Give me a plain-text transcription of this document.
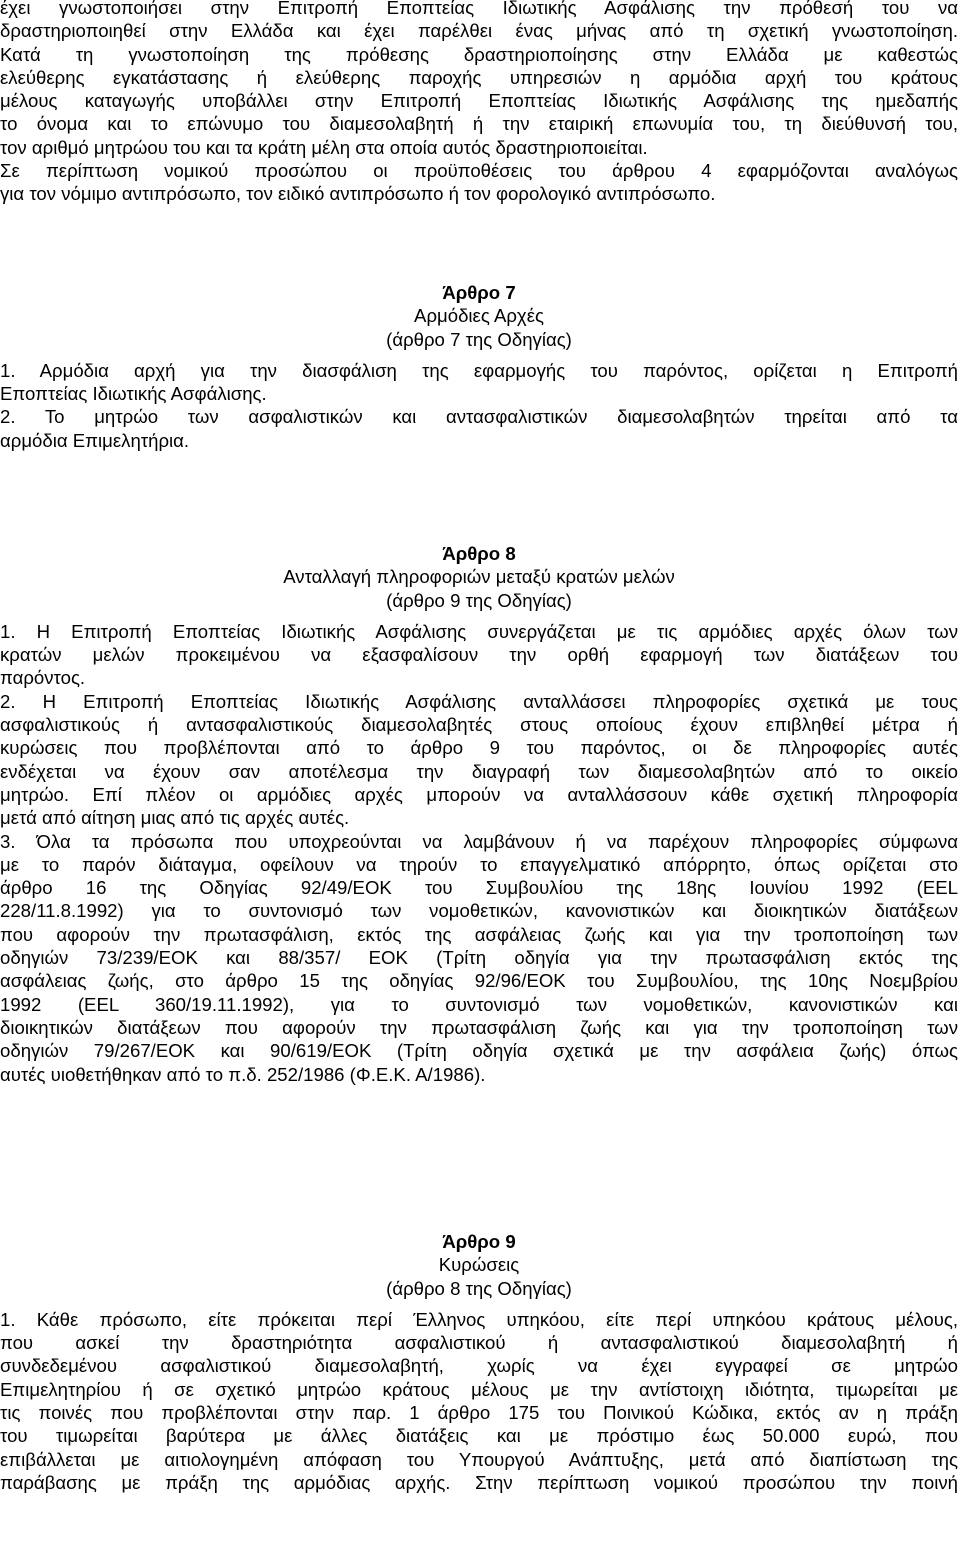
έχει γνωστοποιήσει στην Επιτροπή Εποπτείας Ιδιωτικής Ασφάλισης την πρόθεσή του να
δραστηριοποιηθεί στην Ελλάδα και έχει παρέλθει ένας μήνας από τη σχετική γνωστοποίηση.
Κατά τη γνωστοποίηση της πρόθεσης δραστηριοποίησης στην Ελλάδα με καθεστώς
ελεύθερης εγκατάστασης ή ελεύθερης παροχής υπηρεσιών η αρμόδια αρχή του κράτους
μέλους καταγωγής υποβάλλει στην Επιτροπή Εποπτείας Ιδιωτικής Ασφάλισης της ημεδαπής
το όνομα και το επώνυμο του διαμεσολαβητή ή την εταιρική επωνυμία του, τη διεύθυνσή του,
τον αριθμό μητρώου του και τα κράτη μέλη στα οποία αυτός δραστηριοποιείται.
Σε περίπτωση νομικού προσώπου οι προϋποθέσεις του άρθρου 4 εφαρμόζονται αναλόγως
για τον νόμιμο αντιπρόσωπο, τον ειδικό αντιπρόσωπο ή τον φορολογικό αντιπρόσωπο.
Άρθρο 7
Αρμόδιες Αρχές
(άρθρο 7 της Οδηγίας)
1. Αρμόδια αρχή για την διασφάλιση της εφαρμογής του παρόντος, ορίζεται η Επιτροπή
Εποπτείας Ιδιωτικής Ασφάλισης.
2. Το μητρώο των ασφαλιστικών και αντασφαλιστικών διαμεσολαβητών τηρείται από τα
αρμόδια Επιμελητήρια.
Άρθρο 8
Ανταλλαγή πληροφοριών μεταξύ κρατών μελών
(άρθρο 9 της Οδηγίας)
1. Η Επιτροπή Εποπτείας Ιδιωτικής Ασφάλισης συνεργάζεται με τις αρμόδιες αρχές όλων των
κρατών μελών προκειμένου να εξασφαλίσουν την ορθή εφαρμογή των διατάξεων του
παρόντος.
2. Η Επιτροπή Εποπτείας Ιδιωτικής Ασφάλισης ανταλλάσσει πληροφορίες σχετικά με τους
ασφαλιστικούς ή αντασφαλιστικούς διαμεσολαβητές στους οποίους έχουν επιβληθεί μέτρα ή
κυρώσεις που προβλέπονται από το άρθρο 9 του παρόντος, οι δε πληροφορίες αυτές
ενδέχεται να έχουν σαν αποτέλεσμα την διαγραφή των διαμεσολαβητών από το οικείο
μητρώο. Επί πλέον οι αρμόδιες αρχές μπορούν να ανταλλάσσουν κάθε σχετική πληροφορία
μετά από αίτηση μιας από τις αρχές αυτές.
3. Όλα τα πρόσωπα που υποχρεούνται να λαμβάνουν ή να παρέχουν πληροφορίες σύμφωνα
με το παρόν διάταγμα, οφείλουν να τηρούν το επαγγελματικό απόρρητο, όπως ορίζεται στο
άρθρο 16 της Οδηγίας 92/49/ΕΟΚ του Συμβουλίου της 18ης Ιουνίου 1992 (EEL
228/11.8.1992) για το συντονισμό των νομοθετικών, κανονιστικών και διοικητικών διατάξεων
που αφορούν την πρωτασφάλιση, εκτός της ασφάλειας ζωής και για την τροποποίηση των
οδηγιών 73/239/ΕΟΚ και 88/357/ ΕΟΚ (Τρίτη οδηγία για την πρωτασφάλιση εκτός της
ασφάλειας ζωής, στο άρθρο 15 της οδηγίας 92/96/ΕΟΚ του Συμβουλίου, της 10ης Νοεμβρίου
1992 (EEL 360/19.11.1992), για το συντονισμό των νομοθετικών, κανονιστικών και
διοικητικών διατάξεων που αφορούν την πρωτασφάλιση ζωής και για την τροποποίηση των
οδηγιών 79/267/ΕΟΚ και 90/619/ΕΟΚ (Τρίτη οδηγία σχετικά με την ασφάλεια ζωής) όπως
αυτές υιοθετήθηκαν από το π.δ. 252/1986 (Φ.Ε.Κ. Α/1986).
Άρθρο 9
Κυρώσεις
(άρθρο 8 της Οδηγίας)
1. Κάθε πρόσωπο, είτε πρόκειται περί Έλληνος υπηκόου, είτε περί υπηκόου κράτους μέλους,
που ασκεί την δραστηριότητα ασφαλιστικού ή αντασφαλιστικού διαμεσολαβητή ή
συνδεδεμένου ασφαλιστικού διαμεσολαβητή, χωρίς να έχει εγγραφεί σε μητρώο
Επιμελητηρίου ή σε σχετικό μητρώο κράτους μέλους με την αντίστοιχη ιδιότητα, τιμωρείται με
τις ποινές που προβλέπονται στην παρ. 1 άρθρο 175 του Ποινικού Κώδικα, εκτός αν η πράξη
του τιμωρείται βαρύτερα με άλλες διατάξεις και με πρόστιμο έως 50.000 ευρώ, που
επιβάλλεται με αιτιολογημένη απόφαση του Υπουργού Ανάπτυξης, μετά από διαπίστωση της
παράβασης με πράξη της αρμόδιας αρχής. Στην περίπτωση νομικού προσώπου την ποινή
